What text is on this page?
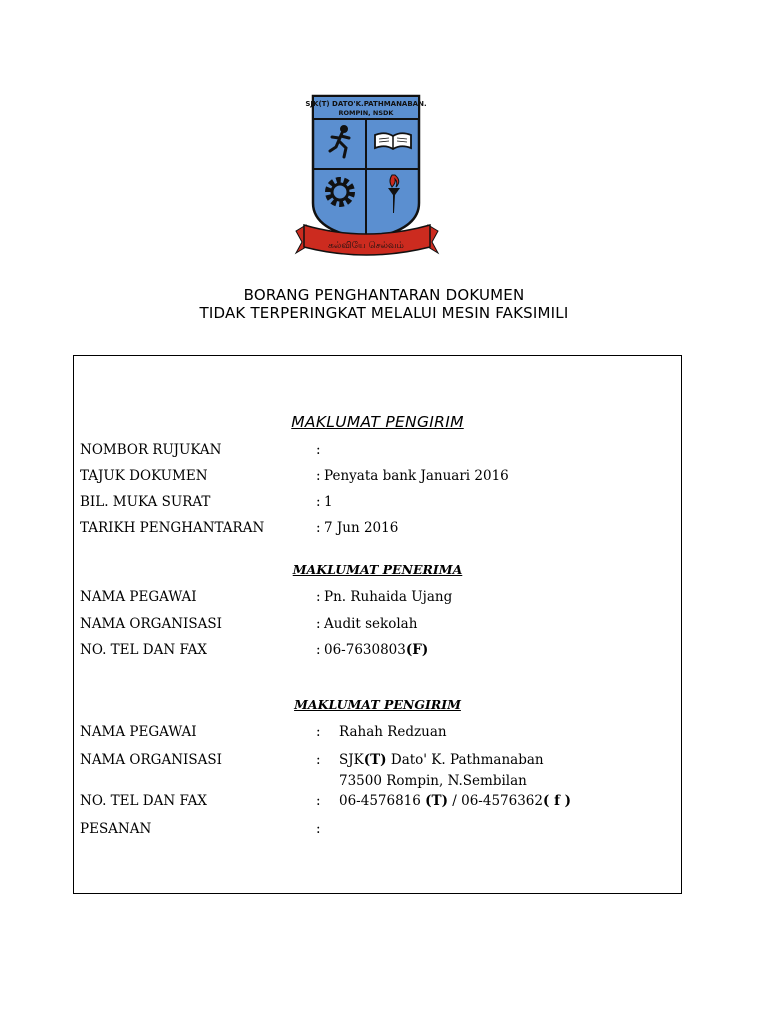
SJK(T) DATO'K.PATHMANABAN.
ROMPIN, NSDK
கல்வியே செல்வம்
BORANG PENGHANTARAN DOKUMEN
TIDAK TERPERINGKAT MELALUI MESIN FAKSIMILI
MAKLUMAT PENGIRIM
NOMBOR RUJUKAN	:
TAJUK DOKUMEN	: Penyata bank Januari 2016
BIL. MUKA SURAT	: 1
TARIKH PENGHANTARAN	: 7 Jun 2016
MAKLUMAT PENERIMA
NAMA PEGAWAI	: Pn. Ruhaida Ujang
NAMA ORGANISASI	: Audit sekolah
NO. TEL DAN FAX	: 06-7630803(F)
MAKLUMAT PENGIRIM
NAMA PEGAWAI	: Rahah Redzuan
NAMA ORGANISASI	: SJK(T) Dato' K. Pathmanaban
73500 Rompin, N.Sembilan
NO. TEL DAN FAX	: 06-4576816 (T) / 06-4576362( f )
PESANAN	:
